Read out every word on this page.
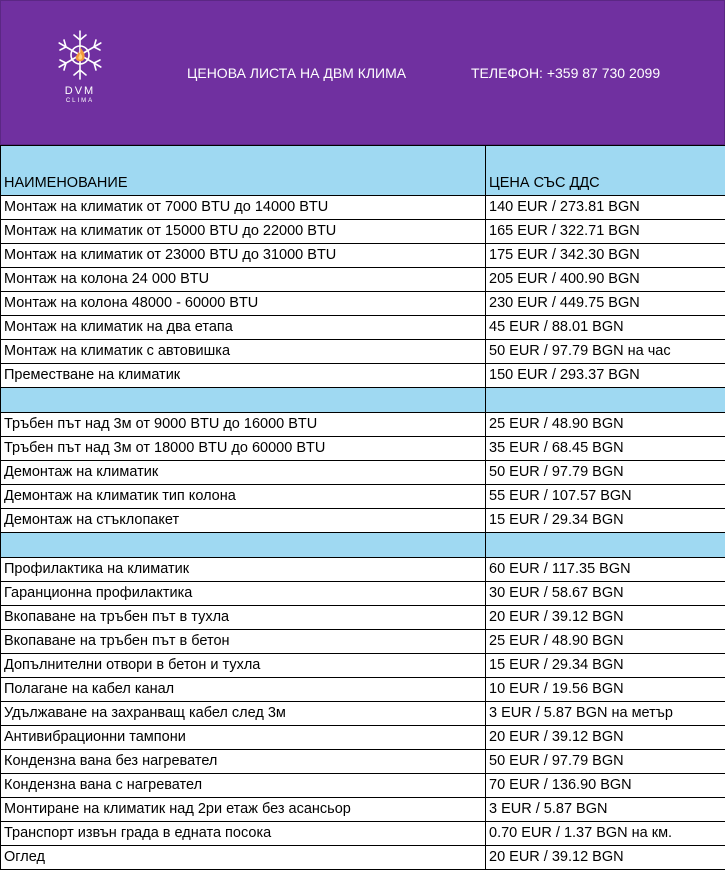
DVM
CLIMA
ЦЕНОВА ЛИСТА НА ДВМ КЛИМА	ТЕЛЕФОН: +359 87 730 2099
НАИМЕНОВАНИЕ	ЦЕНА СЪС ДДС
Монтаж на климатик от 7000 BTU до 14000 BTU	140 EUR / 273.81 BGN
Монтаж на климатик от 15000 BTU до 22000 BTU	165 EUR / 322.71 BGN
Монтаж на климатик от 23000 BTU до 31000 BTU	175 EUR / 342.30 BGN
Монтаж на колона 24 000 BTU	205 EUR / 400.90 BGN
Монтаж на колона 48000 - 60000 BTU	230 EUR / 449.75 BGN
Монтаж на климатик на два етапа	45 EUR / 88.01 BGN
Монтаж на климатик с автовишка	50 EUR / 97.79 BGN на час
Преместване на климатик	150 EUR / 293.37 BGN

Тръбен път над 3м от 9000 BTU до 16000 BTU	25 EUR / 48.90 BGN
Тръбен път над 3м от 18000 BTU до 60000 BTU	35 EUR / 68.45 BGN
Демонтаж на климатик	50 EUR / 97.79 BGN
Демонтаж на климатик тип колона	55 EUR / 107.57 BGN
Демонтаж на стъклопакет	15 EUR / 29.34 BGN

Профилактика на климатик	60 EUR / 117.35 BGN
Гаранционна профилактика	30 EUR / 58.67 BGN
Вкопаване на тръбен път в тухла	20 EUR / 39.12 BGN
Вкопаване на тръбен път в бетон	25 EUR / 48.90 BGN
Допълнителни отвори в бетон и тухла	15 EUR / 29.34 BGN
Полагане на кабел канал	10 EUR / 19.56 BGN
Удължаване на захранващ кабел след 3м	3 EUR / 5.87 BGN на метър
Антивибрационни тампони	20 EUR / 39.12 BGN
Кондензна вана без нагревател	50 EUR / 97.79 BGN
Кондензна вана с нагревател	70 EUR / 136.90 BGN
Монтиране на климатик над 2ри етаж без асансьор	3 EUR / 5.87 BGN
Транспорт извън града в едната посока	0.70 EUR / 1.37 BGN на км.
Оглед	20 EUR / 39.12 BGN
